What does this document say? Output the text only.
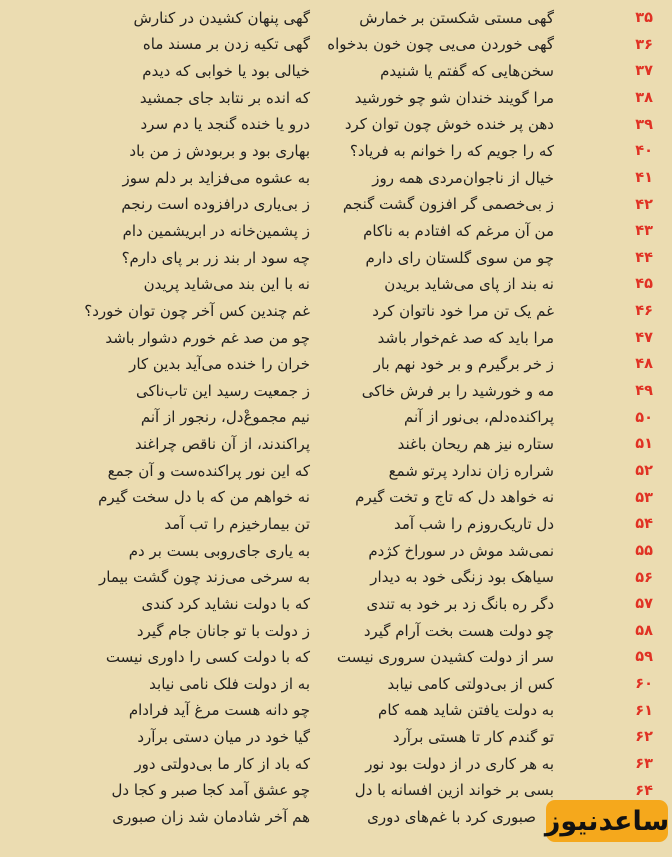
۳۵
گهی مستی شکستن بر خمارش
گهی پنهان کشیدن در کنارش
۳۶
گهی خوردن می‌یی چون خون بدخواه
گهی تکیه زدن بر مسند ماه
۳۷
سخن‌هایی که گفتم یا شنیدم
خیالی بود یا خوابی که دیدم
۳۸
مرا گویند خندان شو چو خورشید
که انده بر نتابد جای جمشید
۳۹
دهن پر خنده خوش چون توان کرد
درو یا خنده گنجد یا دم سرد
۴۰
که را جویم که را خوانم به فریاد؟
بهاری بود و بربودش ز من باد
۴۱
خیال از ناجوان‌مردی همه روز
به عشوه می‌فزاید بر دلم سوز
۴۲
ز بی‌خصمی گر افزون گشت گنجم
ز بی‌یاری درافزوده است رنجم
۴۳
من آن مرغم که افتادم به ناکام
ز پشمین‌خانه در ابریشمین دام
۴۴
چو من سوی گلستان رای دارم
چه سود ار بند زر بر پای دارم؟
۴۵
نه بند از پای می‌شاید بریدن
نه با این بند می‌شاید پریدن
۴۶
غم یک تن مرا خود ناتوان کرد
غم چندین کس آخر چون توان خورد؟
۴۷
مرا باید که صد غم‌خوار باشد
چو من صد غم خورم دشوار باشد
۴۸
ز خر برگیرم و بر خود نهم بار
خران را خنده می‌آید بدین کار
۴۹
مه و خورشید را بر فرش خاکی
ز جمعیت رسید این تاب‌ناکی
۵۰
پراکنده‌دلم، بی‌نور از آنم
نیم مجموعْ‌دل، رنجور از آنم
۵۱
ستاره نیز هم ریحان باغند
پراکندند، از آن ناقص چراغند
۵۲
شراره زان ندارد پرتو شمع
که این نور پراکنده‌ست و آن جمع
۵۳
نه خواهد دل که تاج و تخت گیرم
نه خواهم من که با دل سخت گیرم
۵۴
دل تاریک‌روزم را شب آمد
تن بیمارخیزم را تب آمد
۵۵
نمی‌شد موش در سوراخ کژدم
به یاری جای‌روبی بست بر دم
۵۶
سیاهک بود زنگی خود به دیدار
به سرخی می‌زند چون گشت بیمار
۵۷
دگر ره بانگ زد بر خود به تندی
که با دولت نشاید کرد کندی
۵۸
چو دولت هست بخت آرام گیرد
ز دولت با تو جانان جام گیرد
۵۹
سر از دولت کشیدن سروری نیست
که با دولت کسی را داوری نیست
۶۰
کس از بی‌دولتی کامی نیابد
به از دولت فلک نامی نیابد
۶۱
به دولت یافتن شاید همه کام
چو دانه هست مرغ آید فرادام
۶۲
تو گندم کار تا هستی برآرد
گیا خود در میان دستی برآرد
۶۳
به هر کاری در از دولت بود نور
که باد از کار ما بی‌دولتی دور
۶۴
بسی بر خواند ازین افسانه با دل
چو عشق آمد کجا صبر و کجا دل
صبوری کرد با غم‌های دوری
هم آخر شادمان شد زان صبوری	ساعدنیوز
